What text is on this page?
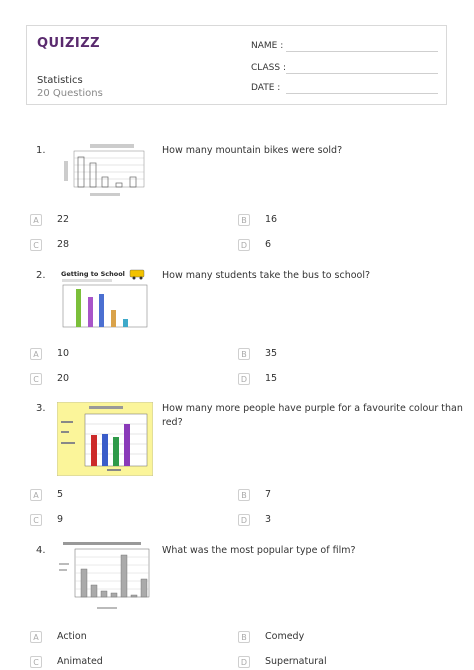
QUIZIZZ
Statistics
20 Questions
NAME :
CLASS :
DATE :
1.	How many mountain bikes were sold?
A	22	B	16
C	28	D	6
2. Getting to School	How many students take the bus to school?
A	10	B	35
C	20	D	15
3.	How many more people have purple for a favourite colour than red?
A	5	B	7
C	9	D	3
4.	What was the most popular type of film?
A	Action	B	Comedy
C	Animated	D	Supernatural
